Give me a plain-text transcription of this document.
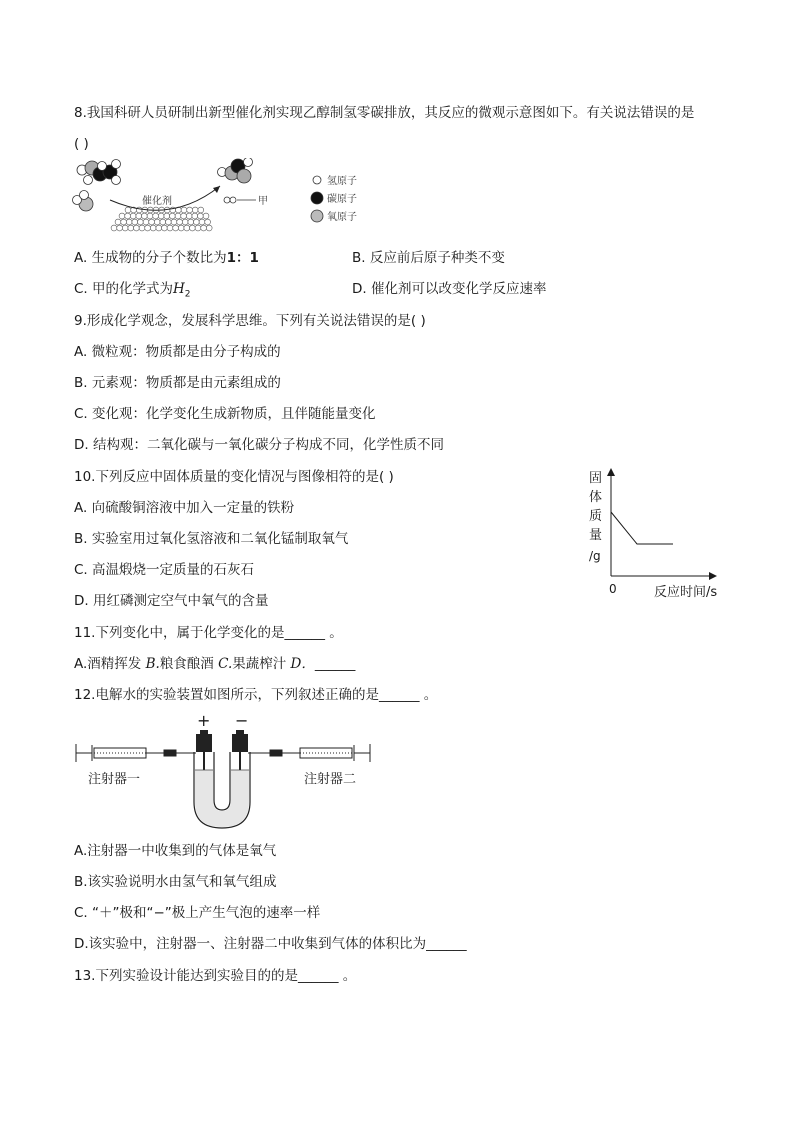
8.我国科研人员研制出新型催化剂实现乙醇制氢零碳排放，其反应的微观示意图如下。有关说法错误的是
( )
催化剂	甲
氢原子
碳原子
氧原子
A. 生成物的分子个数比为1：1	B. 反应前后原子种类不变
C. 甲的化学式为$H_2$	D. 催化剂可以改变化学反应速率
9.形成化学观念，发展科学思维。下列有关说法错误的是( )
A. 微粒观：物质都是由分子构成的
B. 元素观：物质都是由元素组成的
C. 变化观：化学变化生成新物质，且伴随能量变化
D. 结构观：二氧化碳与一氧化碳分子构成不同，化学性质不同
10.下列反应中固体质量的变化情况与图像相符的是( )
A. 向硫酸铜溶液中加入一定量的铁粉
B. 实验室用过氧化氢溶液和二氧化锰制取氧气
C. 高温煅烧一定质量的石灰石
D. 用红磷测定空气中氧气的含量
固
体
质
量
/g
0	反应时间/s
11.下列变化中，属于化学变化的是______ 。
A.酒精挥发 B.粮食酿酒 C.果蔬榨汁 D．______
12.电解水的实验装置如图所示，下列叙述正确的是______ 。
+ −
注射器一	注射器二
A.注射器一中收集到的气体是氧气
B.该实验说明水由氢气和氧气组成
C. “＋”极和“−”极上产生气泡的速率一样
D.该实验中，注射器一、注射器二中收集到气体的体积比为______
13.下列实验设计能达到实验目的的是______ 。
